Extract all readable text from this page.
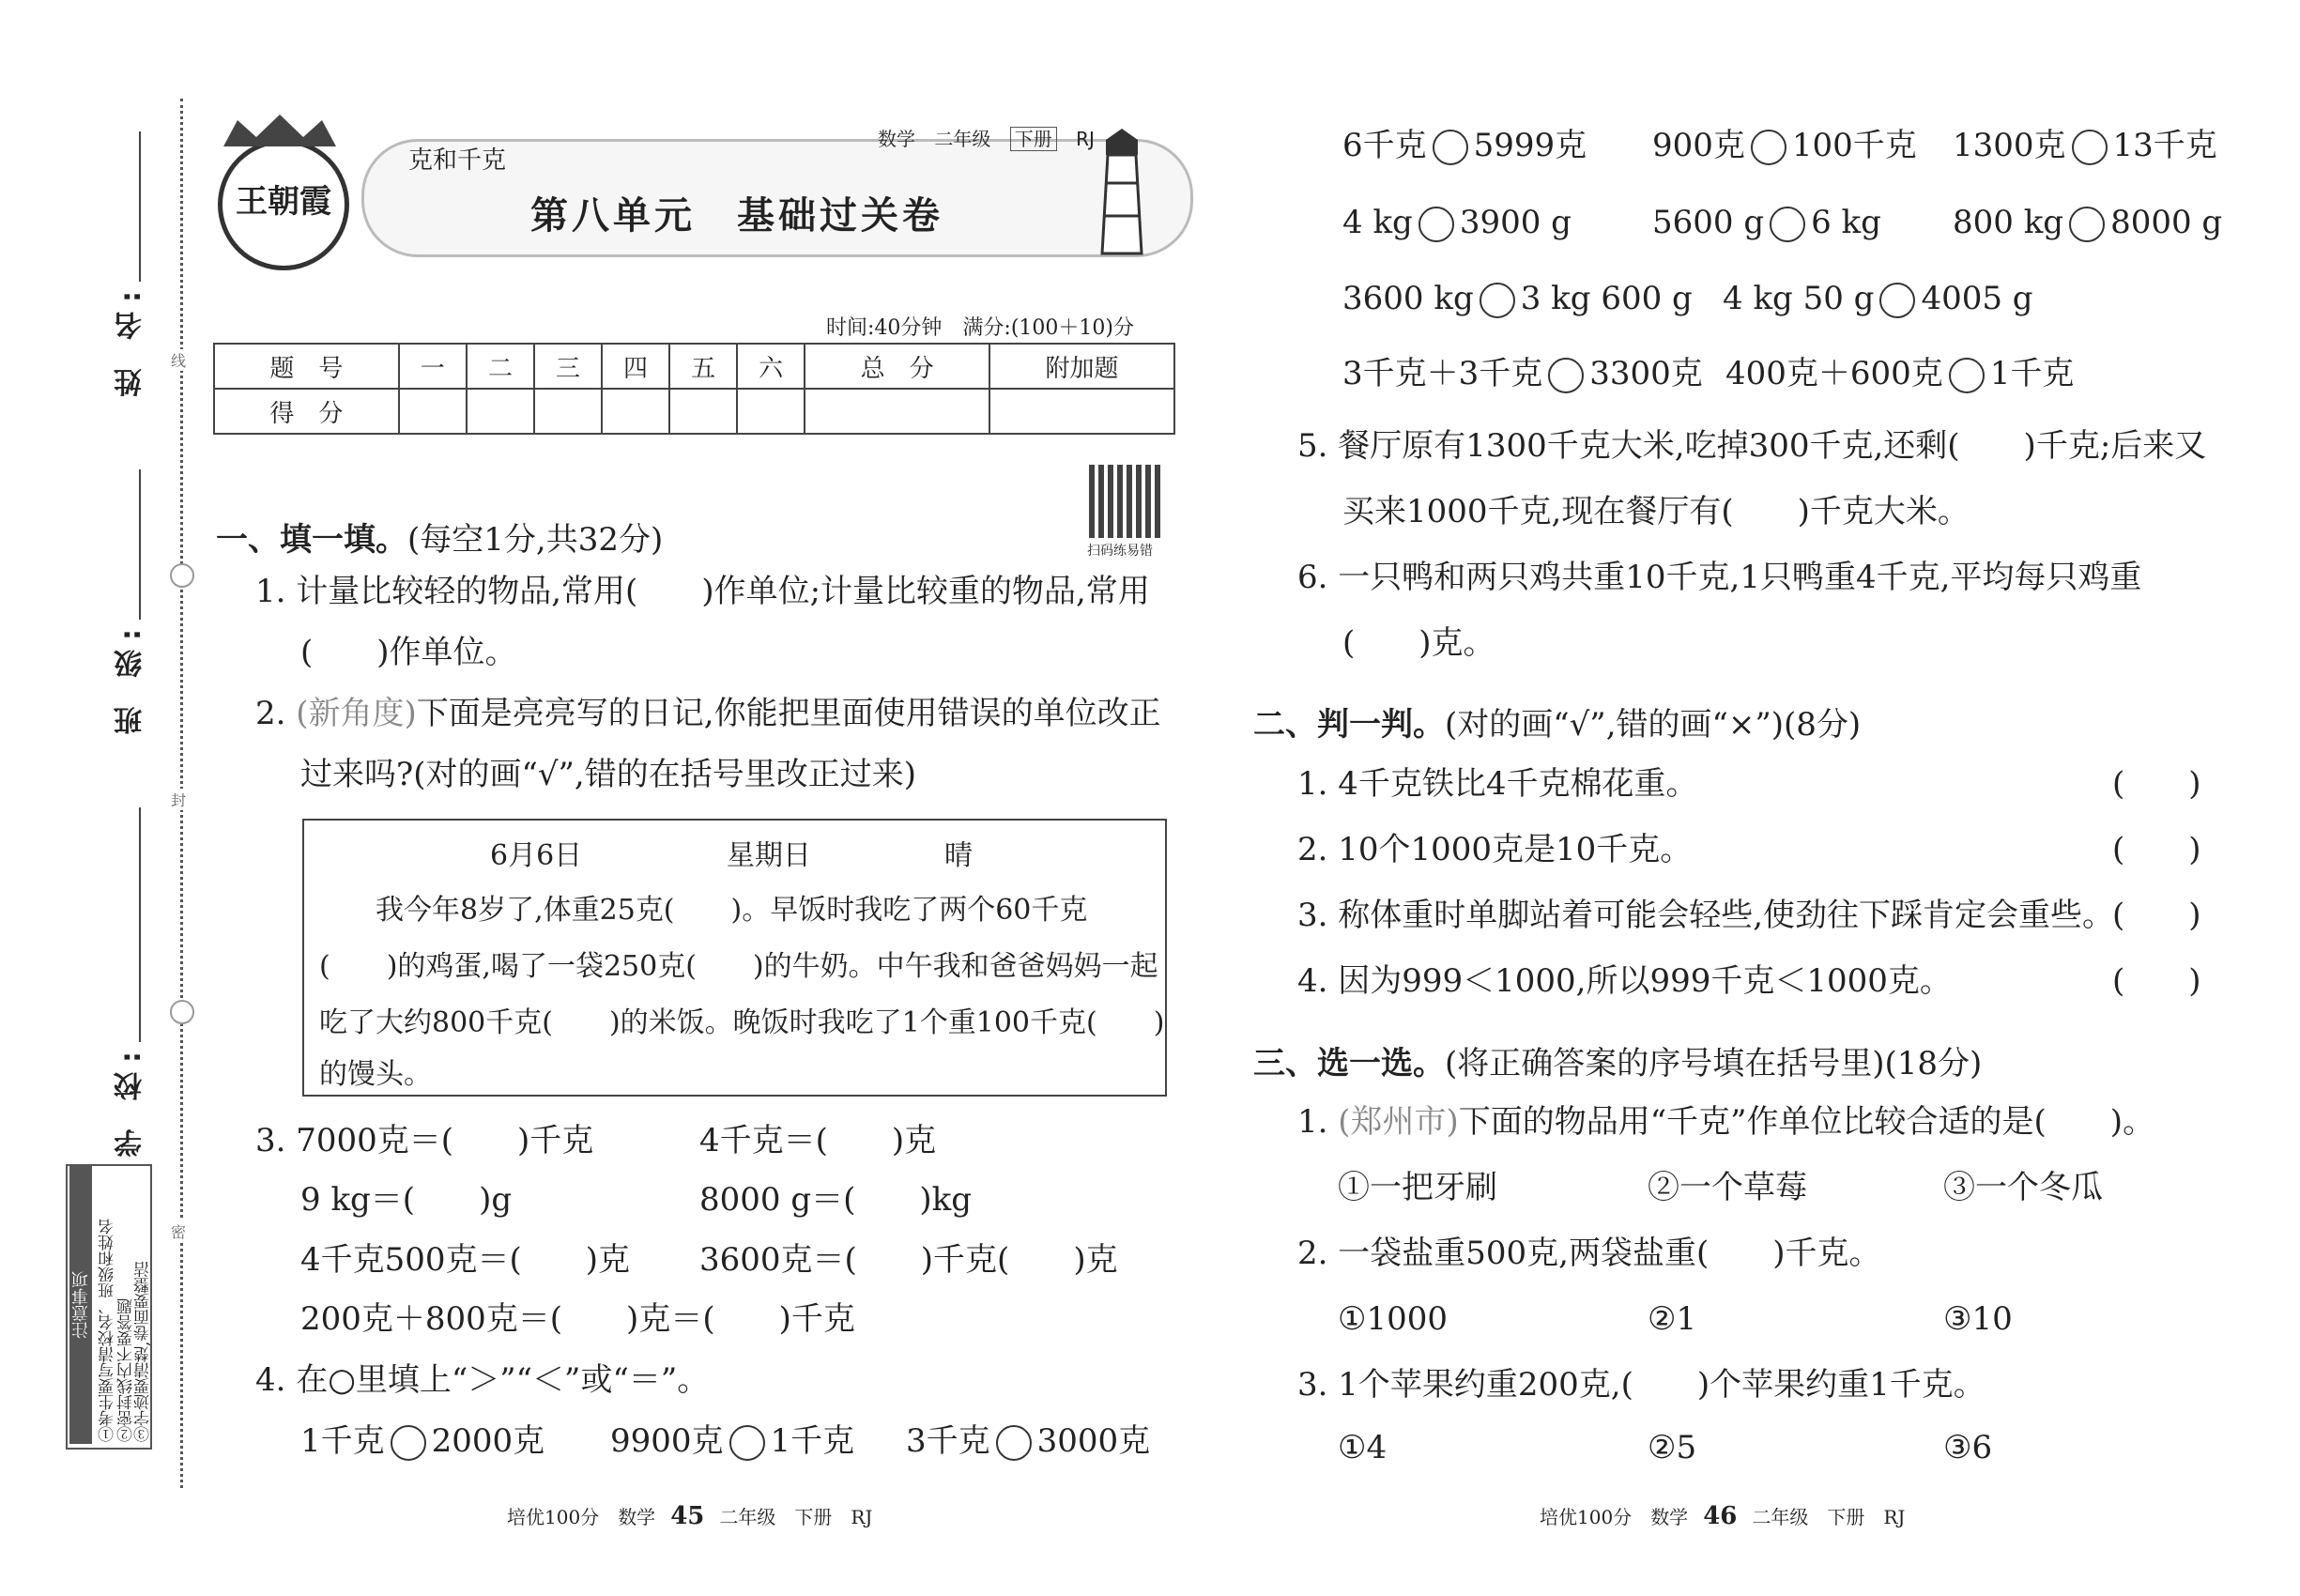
姓 名:
班 级:
学 校:
线
封
密
注意事项 ①考生要写清校名、班级和姓名 ②密封线内不要答题
③字迹要清楚,卷面要整洁
王朝霞
克和千克
数学 二年级 下册 RJ
第八单元　基础过关卷
时间:40分钟　满分:(100＋10)分
题　号	一	二	三	四	五	六	总　分	附加题
得　分								
扫码练易错
一、填一填。(每空1分,共32分)
1. 计量比较轻的物品,常用(　　)作单位;计量比较重的物品,常用
(　　)作单位。
2. (新角度)下面是亮亮写的日记,你能把里面使用错误的单位改正
过来吗?(对的画“√”,错的在括号里改正过来)
6月6日	星期日	晴
　　我今年8岁了,体重25克(　　)。早饭时我吃了两个60千克
(　　)的鸡蛋,喝了一袋250克(　　)的牛奶。中午我和爸爸妈妈一起
吃了大约800千克(　　)的米饭。晚饭时我吃了1个重100千克(　　)
的馒头。
3. 7000克＝(　　)千克	4千克＝(　　)克
9 kg＝(　　)g	8000 g＝(　　)kg
4千克500克＝(　　)克 3600克＝(　　)千克(　　)克
200克＋800克＝(　　)克＝(　　)千克
4. 在○里填上“＞”“＜”或“＝”。
1千克 2000克 9900克 1千克 3千克 3000克
6千克 5999克 900克 100千克 1300克 13千克
4 kg 3900 g	5600 g 6 kg 800 kg 8000 g
3600 kg 3 kg 600 g 4 kg 50 g 4005 g
3千克＋3千克 3300克 400克＋600克 1千克
5. 餐厅原有1300千克大米,吃掉300千克,还剩(　　)千克;后来又
买来1000千克,现在餐厅有(　　)千克大米。
6. 一只鸭和两只鸡共重10千克,1只鸭重4千克,平均每只鸡重
(　　)克。
二、判一判。(对的画“√”,错的画“×”)(8分)
1. 4千克铁比4千克棉花重。	(　　)
2. 10个1000克是10千克。	(　　)
3. 称体重时单脚站着可能会轻些,使劲往下踩肯定会重些。
(　　)
4. 因为999＜1000,所以999千克＜1000克。	(　　)
三、选一选。(将正确答案的序号填在括号里)(18分)
1. (郑州市)下面的物品用“千克”作单位比较合适的是(　　)。
①一把牙刷	②一个草莓	③一个冬瓜
2. 一袋盐重500克,两袋盐重(　　)千克。
①1000	②1	③10
3. 1个苹果约重200克,(　　)个苹果约重1千克。
①4	②5	③6
培优100分　 数学 45 二年级　 下册　 RJ	培优100分　 数学 46 二年级　 下册　 RJ
